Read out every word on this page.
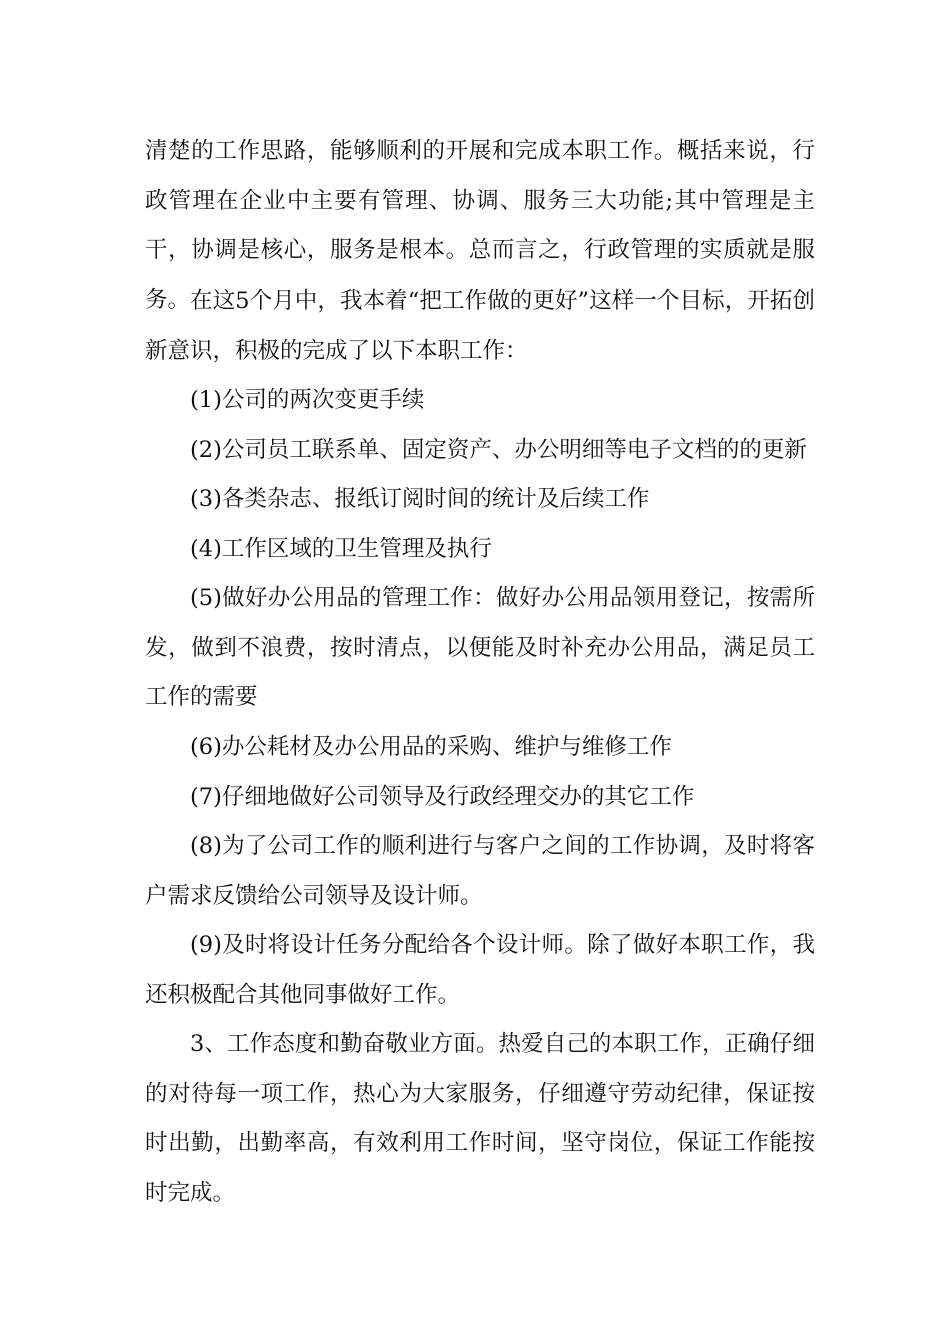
清楚的工作思路，能够顺利的开展和完成本职工作。概括来说，行政管理在企业中主要有管理、协调、服务三大功能;其中管理是主干，协调是核心，服务是根本。总而言之，行政管理的实质就是服务。 在这5个月中，我本着“把工作做的更好”这样一个目标，开拓创新意识，积极的完成了以下本职工作：

(1)公司的两次变更手续

(2)公司员工联系单、固定资产、办公明细等电子文档的的更新

(3)各类杂志、报纸订阅时间的统计及后续工作

(4)工作区域的卫生管理及执行

(5)做好办公用品的管理工作：做好办公用品领用登记，按需所发，做到不浪费，按时清点，以便能及时补充办公用品，满足员工工作的需要

(6)办公耗材及办公用品的采购、维护与维修工作

(7)仔细地做好公司领导及行政经理交办的其它工作

(8)为了公司工作的顺利进行与客户之间的工作协调，及时将客户需求反馈给公司领导及设计师。

(9)及时将设计任务分配给各个设计师。除了做好本职工作，我还积极配合其他同事做好工作。

3、工作态度和勤奋敬业方面。热爱自己的本职工作，正确仔细的对待每一项工作，热心为大家服务，仔细遵守劳动纪律，保证按时出勤，出勤率高，有效利用工作时间，坚守岗位，保证工作能按时完成。
